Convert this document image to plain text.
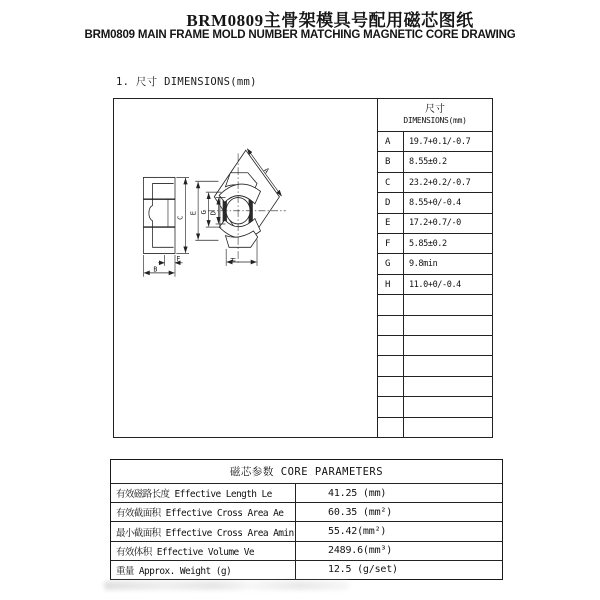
BRM0809主骨架模具号配用磁芯图纸
BRM0809 MAIN FRAME MOLD NUMBER MATCHING MAGNETIC CORE DRAWING
1. 尺寸 DIMENSIONS(mm)
C
B
F
E G D
H
A
尺寸
DIMENSIONS(mm)
A	19.7+0.1/-0.7
B	8.55±0.2
C	23.2+0.2/-0.7
D	8.55+0/-0.4
E	17.2+0.7/-0
F	5.85±0.2
G	9.8min
H	11.0+0/-0.4
磁芯参数 CORE PARAMETERS
有效磁路长度 Effective Length Le	41.25 (mm)
有效截面积 Effective Cross Area Ae	60.35 (mm²)
最小截面积 Effective Cross Area Amin	55.42(mm²)
有效体积 Effective Volume Ve	2489.6(mm³)
重量 Approx. Weight (g)	12.5 (g/set)
